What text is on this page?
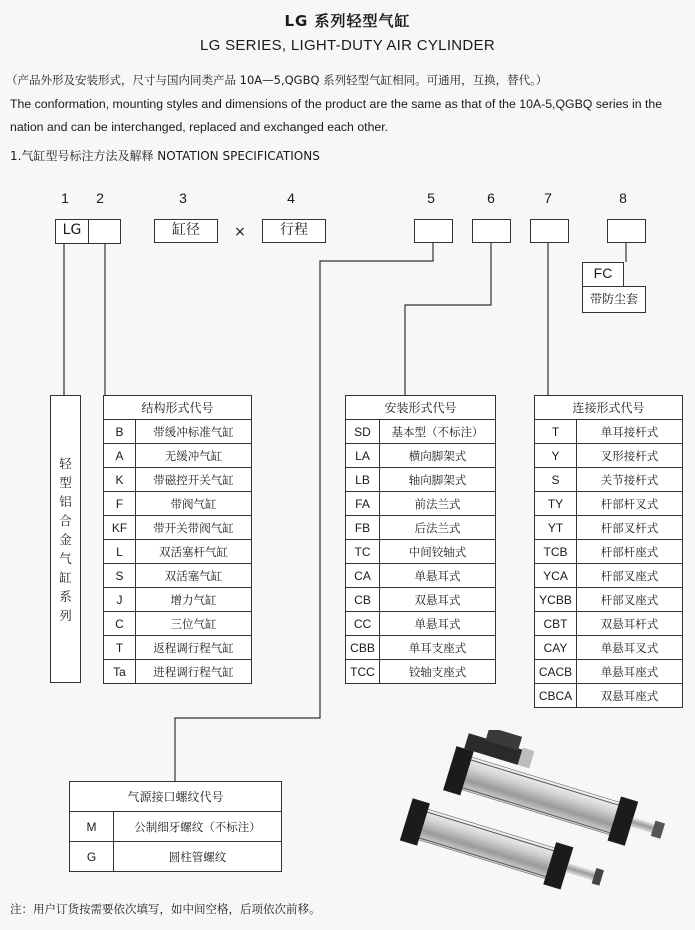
LG 系列轻型气缸
LG SERIES, LIGHT-DUTY AIR CYLINDER
（产品外形及安装形式，尺寸与国内同类产品 10A—5,QGBQ 系列轻型气缸相同。可通用，互换，替代。）
The conformation, mounting styles and dimensions of the product are the same as that of the 10A-5,QGBQ series in the nation and can be interchanged, replaced and exchanged each other.
1.气缸型号标注方法及解释 NOTATION SPECIFICATIONS
1	2	3	4	5	6	7	8
LG	缸径	×	行程
FC
带防尘套
轻
型
铝
合
金
气
缸
系
列
结构形式代号	
B	带缓冲标准气缸
A	无缓冲气缸
K	带磁控开关气缸
F	带阀气缸
KF	带开关带阀气缸
L	双活塞杆气缸
S	双活塞气缸
J	增力气缸
C	三位气缸
T	返程调行程气缸
Ta	进程调行程气缸
安装形式代号	
SD	基本型（不标注）
LA	横向脚架式
LB	轴向脚架式
FA	前法兰式
FB	后法兰式
TC	中间铰轴式
CA	单悬耳式
CB	双悬耳式
CC	单悬耳式
CBB	单耳支座式
TCC	铰轴支座式
连接形式代号	
T	单耳接杆式
Y	叉形接杆式
S	关节接杆式
TY	杆部杆叉式
YT	杆部叉杆式
TCB	杆部杆座式
YCA	杆部叉座式
YCBB	杆部叉座式
CBT	双悬耳杆式
CAY	单悬耳叉式
CACB	单悬耳座式
CBCA	双悬耳座式
气源接口螺纹代号	
M	公制细牙螺纹（不标注）
G	圆柱管螺纹
注：用户订货按需要依次填写，如中间空格，后项依次前移。
